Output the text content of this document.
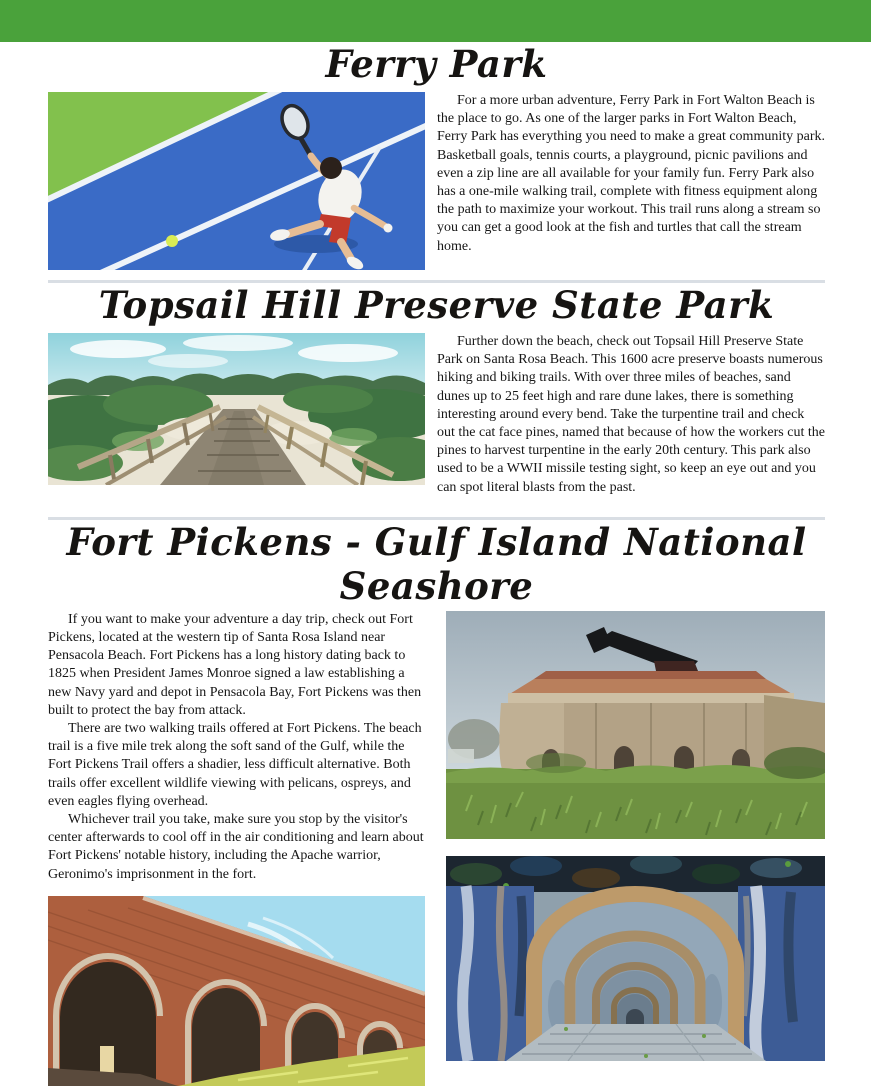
Ferry Park

For a more urban adventure, Ferry Park in Fort Walton Beach is the place to go. As one of the larger parks in Fort Walton Beach, Ferry Park has everything you need to make a great community park. Basketball goals, tennis courts, a playground, picnic pavilions and even a zip line are all available for your family fun. Ferry Park also has a one-mile walking trail, complete with fitness equipment along the path to maximize your workout. This trail runs along a stream so you can get a good look at the fish and turtles that call the stream home.

Topsail Hill Preserve State Park

Further down the beach, check out Topsail Hill Preserve State Park on Santa Rosa Beach. This 1600 acre preserve boasts numerous hiking and biking trails. With over three miles of beaches, sand dunes up to 25 feet high and rare dune lakes, there is something interesting around every bend. Take the turpentine trail and check out the cat face pines, named that because of how the workers cut the pines to harvest turpentine in the early 20th century. This park also used to be a WWII missile testing sight, so keep an eye out and you can spot literal blasts from the past.

Fort Pickens - Gulf Island National Seashore

If you want to make your adventure a day trip, check out Fort Pickens, located at the western tip of Santa Rosa Island near Pensacola Beach. Fort Pickens has a long history dating back to 1825 when President James Monroe signed a law establishing a new Navy yard and depot in Pensacola Bay, Fort Pickens was then built to protect the bay from attack.

There are two walking trails offered at Fort Pickens. The beach trail is a five mile trek along the soft sand of the Gulf, while the Fort Pickens Trail offers a shadier, less difficult alternative. Both trails offer excellent wildlife viewing with pelicans, ospreys, and even eagles flying overhead.

Whichever trail you take, make sure you stop by the visitor's center afterwards to cool off in the air conditioning and learn about Fort Pickens' notable history, including the Apache warrior, Geronimo's imprisonment in the fort.
